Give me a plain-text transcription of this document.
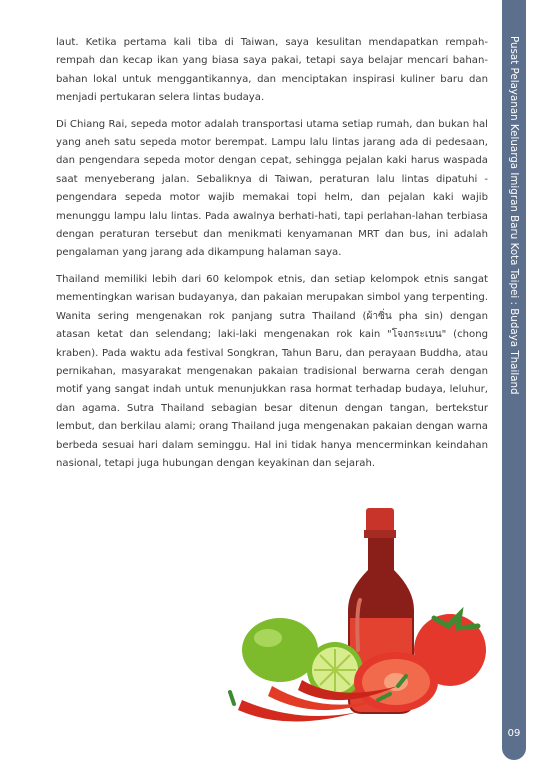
laut. Ketika pertama kali tiba di Taiwan, saya kesulitan mendapatkan rempah-rempah dan kecap ikan yang biasa saya pakai, tetapi saya belajar mencari bahan-bahan lokal untuk menggantikannya, dan menciptakan inspirasi kuliner baru dan menjadi pertukaran selera lintas budaya.

Di Chiang Rai, sepeda motor adalah transportasi utama setiap rumah, dan bukan hal yang aneh satu sepeda motor berempat. Lampu lalu lintas jarang ada di pedesaan, dan pengendara sepeda motor dengan cepat, sehingga pejalan kaki harus waspada saat menyeberang jalan. Sebaliknya di Taiwan, peraturan lalu lintas dipatuhi - pengendara sepeda motor wajib memakai topi helm, dan pejalan kaki wajib menunggu lampu lalu lintas. Pada awalnya berhati-hati, tapi perlahan-lahan terbiasa dengan peraturan tersebut dan menikmati kenyamanan MRT dan bus, ini adalah pengalaman yang jarang ada dikampung halaman saya.

Thailand memiliki lebih dari 60 kelompok etnis, dan setiap kelompok etnis sangat mementingkan warisan budayanya, dan pakaian merupakan simbol yang terpenting. Wanita sering mengenakan rok panjang sutra Thailand (ผ้าซิ่น pha sin) dengan atasan ketat dan selendang; laki-laki mengenakan rok kain "โจงกระเบน" (chong kraben). Pada waktu ada festival Songkran, Tahun Baru, dan perayaan Buddha, atau pernikahan, masyarakat mengenakan pakaian tradisional berwarna cerah dengan motif yang sangat indah untuk menunjukkan rasa hormat terhadap budaya, leluhur, dan agama. Sutra Thailand sebagian besar ditenun dengan tangan, bertekstur lembut, dan berkilau alami; orang Thailand juga mengenakan pakaian dengan warna berbeda sesuai hari dalam seminggu. Hal ini tidak hanya mencerminkan keindahan nasional, tetapi juga hubungan dengan keyakinan dan sejarah.

Pusat Pelayanan Keluarga Imigran Baru Kota Taipei : Budaya Thailand
09
